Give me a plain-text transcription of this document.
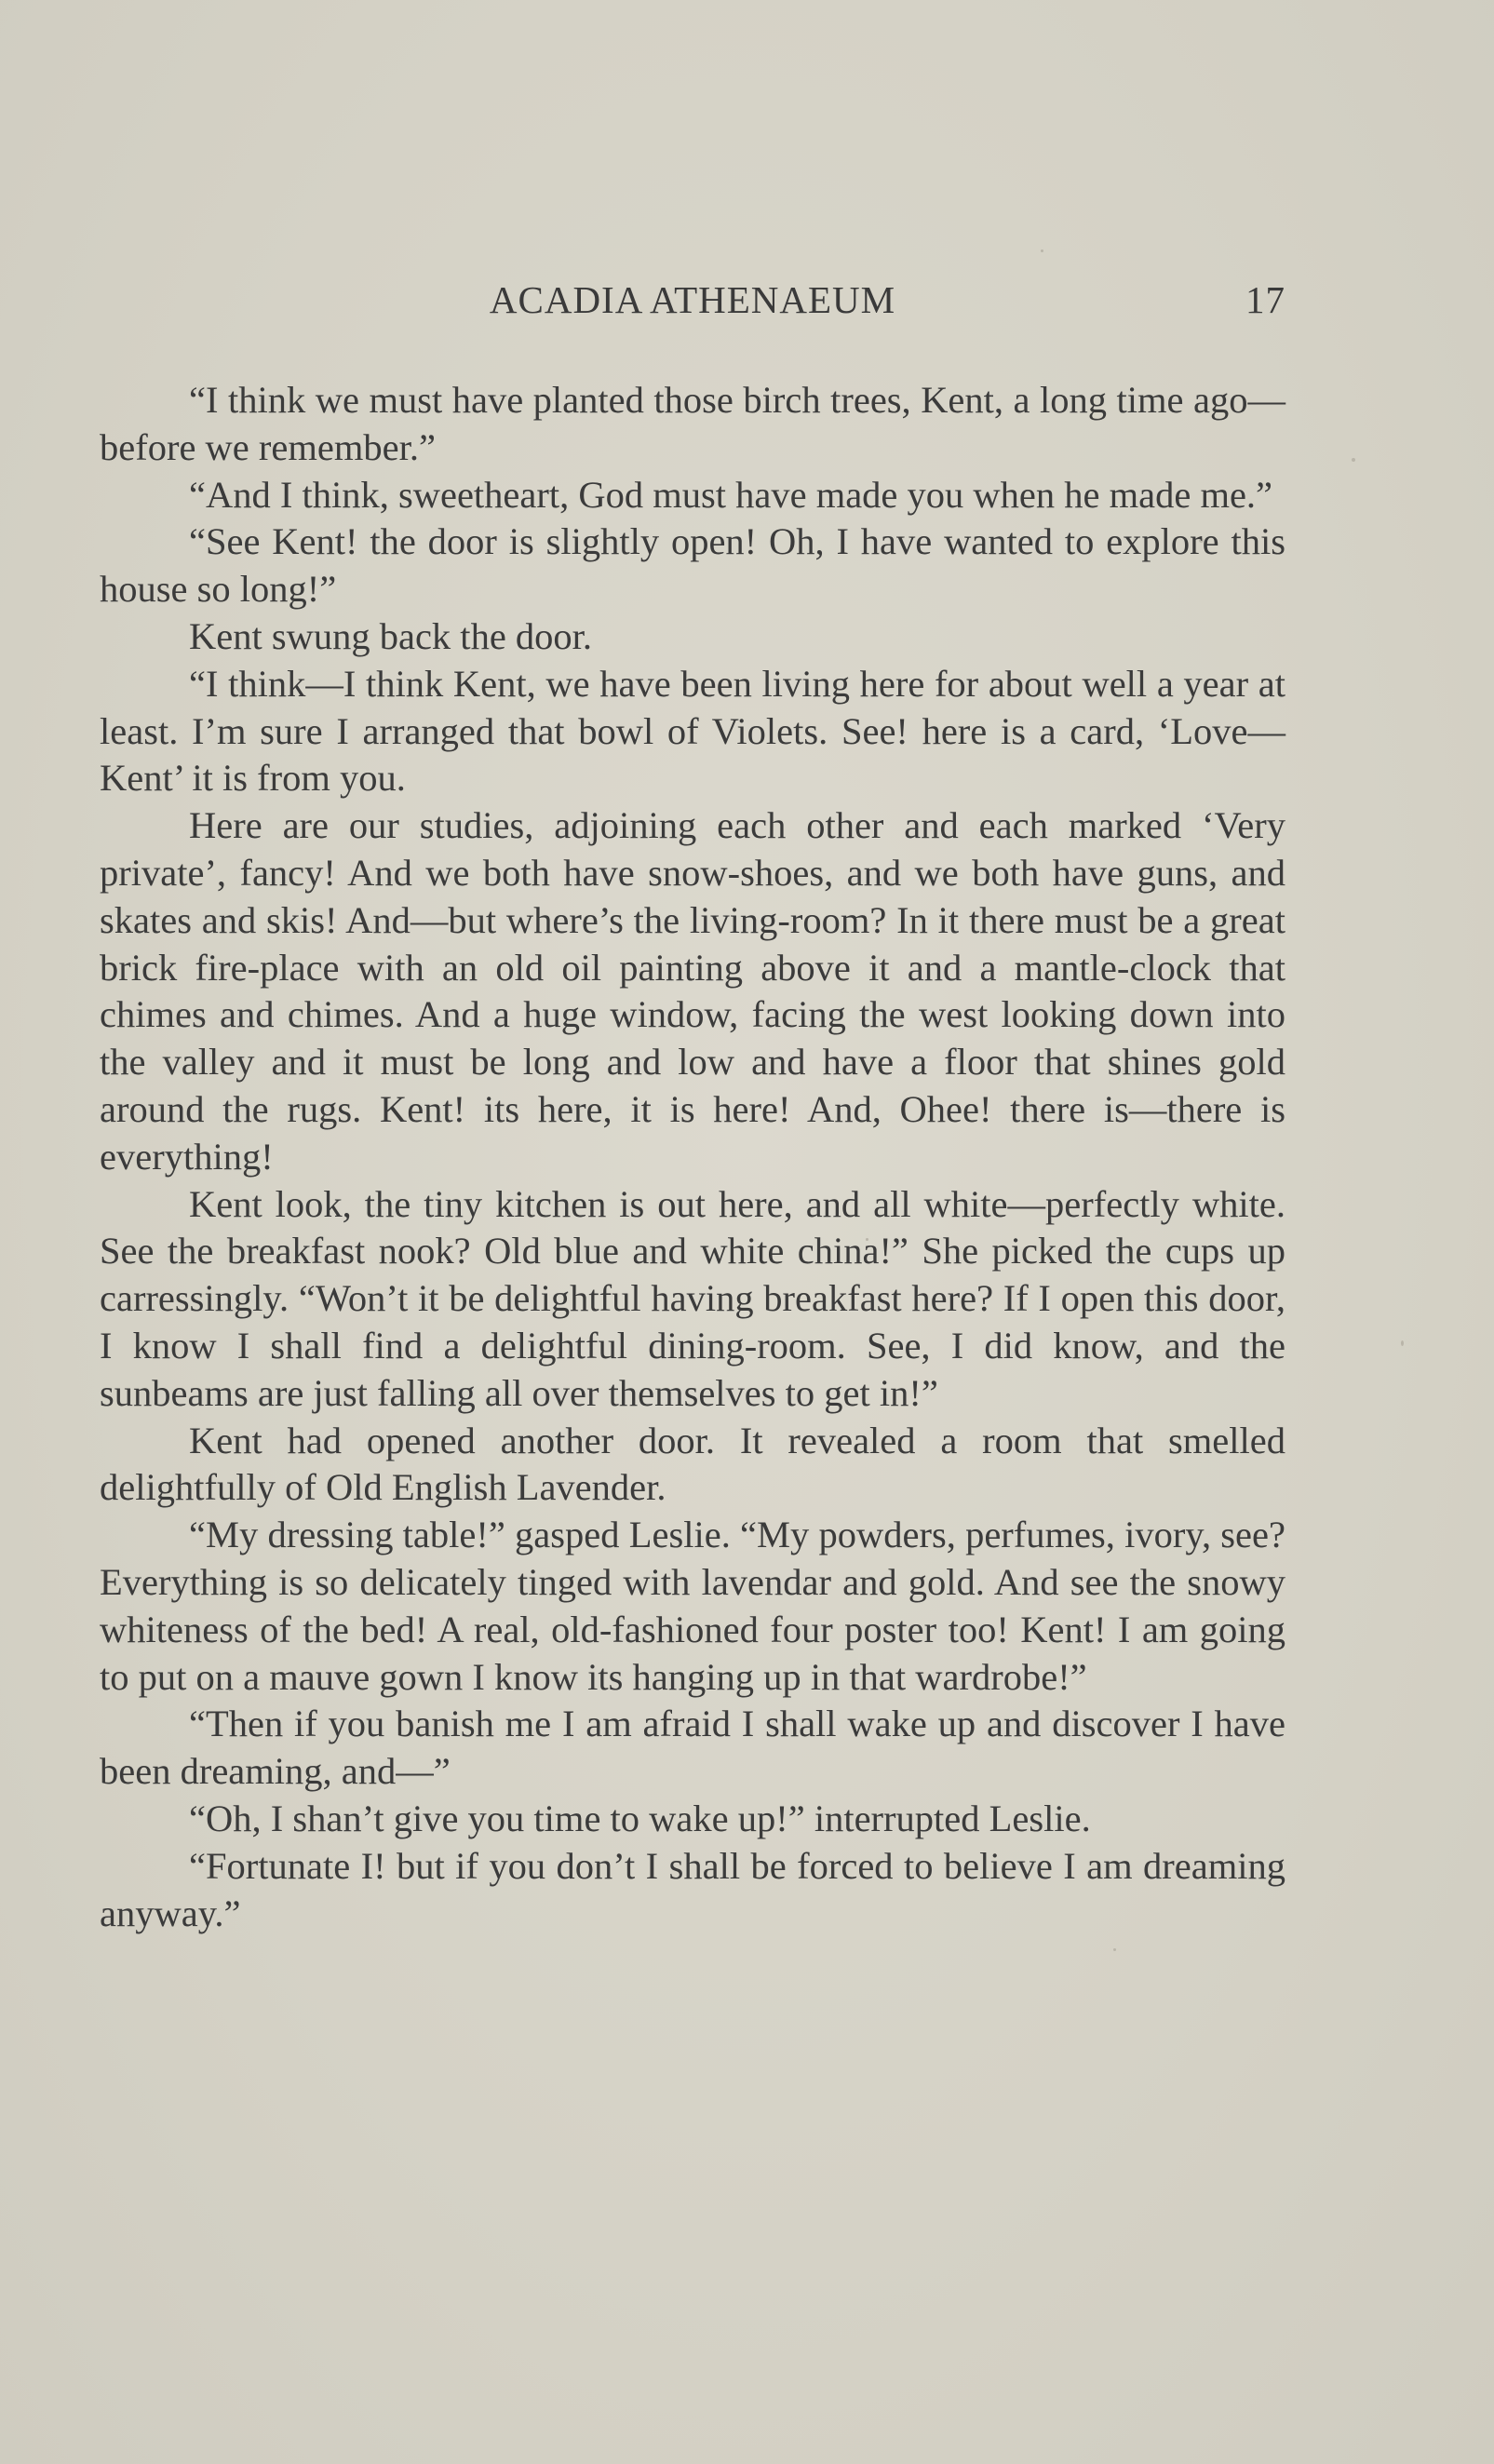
ACADIA ATHENAEUM	17

“I think we must have planted those birch trees, Kent, a long time ago—before we remember.”

“And I think, sweetheart, God must have made you when he made me.”

“See Kent! the door is slightly open! Oh, I have wanted to explore this house so long!”

Kent swung back the door.

“I think—I think Kent, we have been living here for about well a year at least. I’m sure I arranged that bowl of Violets. See! here is a card, ‘Love—Kent’ it is from you.

Here are our studies, adjoining each other and each marked ‘Very private’, fancy! And we both have snow-shoes, and we both have guns, and skates and skis! And—but where’s the living-room? In it there must be a great brick fire-place with an old oil painting above it and a mantle-clock that chimes and chimes. And a huge window, facing the west looking down into the valley and it must be long and low and have a floor that shines gold around the rugs. Kent! its here, it is here! And, Ohee! there is—there is everything!

Kent look, the tiny kitchen is out here, and all white—perfectly white. See the breakfast nook? Old blue and white china!” She picked the cups up carressingly. “Won’t it be delightful having breakfast here? If I open this door, I know I shall find a delightful dining-room. See, I did know, and the sunbeams are just falling all over themselves to get in!”

Kent had opened another door. It revealed a room that smelled delightfully of Old English Lavender.

“My dressing table!” gasped Leslie. “My powders, perfumes, ivory, see? Everything is so delicately tinged with lavendar and gold. And see the snowy whiteness of the bed! A real, old-fashioned four poster too! Kent! I am going to put on a mauve gown I know its hanging up in that wardrobe!”

“Then if you banish me I am afraid I shall wake up and discover I have been dreaming, and—”

“Oh, I shan’t give you time to wake up!” interrupted Leslie.

“Fortunate I! but if you don’t I shall be forced to believe I am dreaming anyway.”
